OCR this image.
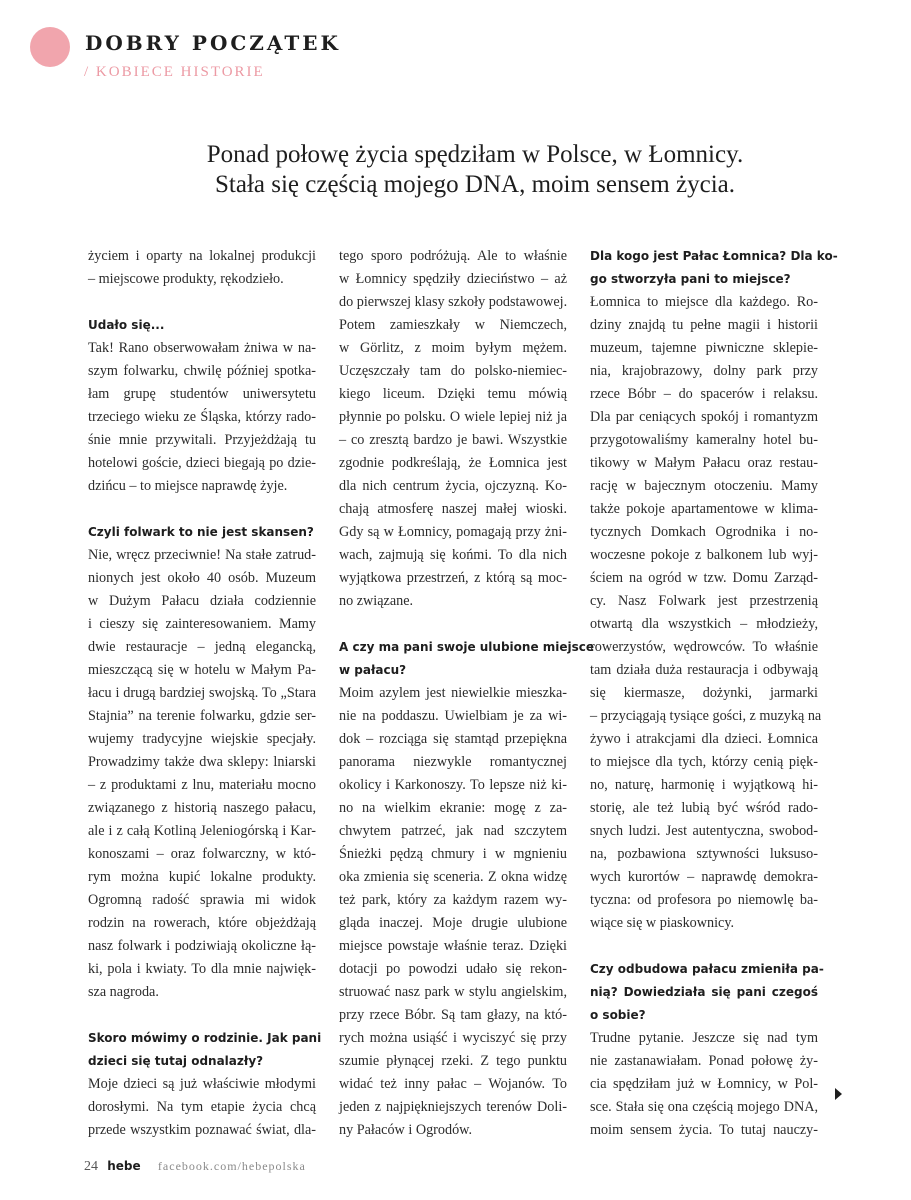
DOBRY POCZĄTEK
/ KOBIECE HISTORIE
Ponad połowę życia spędziłam w Polsce, w Łomnicy.
Stała się częścią mojego DNA, moim sensem życia.
życiem i oparty na lokalnej produkcji
– miejscowe produkty, rękodzieło.
Udało się...
Tak! Rano obserwowałam żniwa w na-
szym folwarku, chwilę później spotka-
łam grupę studentów uniwersytetu
trzeciego wieku ze Śląska, którzy rado-
śnie mnie przywitali. Przyjeżdżają tu
hotelowi goście, dzieci biegają po dzie-
dzińcu – to miejsce naprawdę żyje.
Czyli folwark to nie jest skansen?
Nie, wręcz przeciwnie! Na stałe zatrud-
nionych jest około 40 osób. Muzeum
w Dużym Pałacu działa codziennie
i cieszy się zainteresowaniem. Mamy
dwie restauracje – jedną elegancką,
mieszczącą się w hotelu w Małym Pa-
łacu i drugą bardziej swojską. To „Stara
Stajnia” na terenie folwarku, gdzie ser-
wujemy tradycyjne wiejskie specjały.
Prowadzimy także dwa sklepy: lniarski
– z produktami z lnu, materiału mocno
związanego z historią naszego pałacu,
ale i z całą Kotliną Jeleniogórską i Kar-
konoszami – oraz folwarczny, w któ-
rym można kupić lokalne produkty.
Ogromną radość sprawia mi widok
rodzin na rowerach, które objeżdżają
nasz folwark i podziwiają okoliczne łą-
ki, pola i kwiaty. To dla mnie najwięk-
sza nagroda.
Skoro mówimy o rodzinie. Jak pani
dzieci się tutaj odnalazły?
Moje dzieci są już właściwie młodymi
dorosłymi. Na tym etapie życia chcą
przede wszystkim poznawać świat, dla-
tego sporo podróżują. Ale to właśnie
w Łomnicy spędziły dzieciństwo – aż
do pierwszej klasy szkoły podstawowej.
Potem zamieszkały w Niemczech,
w Görlitz, z moim byłym mężem.
Uczęszczały tam do polsko-niemiec-
kiego liceum. Dzięki temu mówią
płynnie po polsku. O wiele lepiej niż ja
– co zresztą bardzo je bawi. Wszystkie
zgodnie podkreślają, że Łomnica jest
dla nich centrum życia, ojczyzną. Ko-
chają atmosferę naszej małej wioski.
Gdy są w Łomnicy, pomagają przy żni-
wach, zajmują się końmi. To dla nich
wyjątkowa przestrzeń, z którą są moc-
no związane.
A czy ma pani swoje ulubione miejsce
w pałacu?
Moim azylem jest niewielkie mieszka-
nie na poddaszu. Uwielbiam je za wi-
dok – rozciąga się stamtąd przepiękna
panorama niezwykle romantycznej
okolicy i Karkonoszy. To lepsze niż ki-
no na wielkim ekranie: mogę z za-
chwytem patrzeć, jak nad szczytem
Śnieżki pędzą chmury i w mgnieniu
oka zmienia się sceneria. Z okna widzę
też park, który za każdym razem wy-
gląda inaczej. Moje drugie ulubione
miejsce powstaje właśnie teraz. Dzięki
dotacji po powodzi udało się rekon-
struować nasz park w stylu angielskim,
przy rzece Bóbr. Są tam głazy, na któ-
rych można usiąść i wyciszyć się przy
szumie płynącej rzeki. Z tego punktu
widać też inny pałac – Wojanów. To
jeden z najpiękniejszych terenów Doli-
ny Pałaców i Ogrodów.
Dla kogo jest Pałac Łomnica? Dla ko-
go stworzyła pani to miejsce?
Łomnica to miejsce dla każdego. Ro-
dziny znajdą tu pełne magii i historii
muzeum, tajemne piwniczne sklepie-
nia, krajobrazowy, dolny park przy
rzece Bóbr – do spacerów i relaksu.
Dla par ceniących spokój i romantyzm
przygotowaliśmy kameralny hotel bu-
tikowy w Małym Pałacu oraz restau-
rację w bajecznym otoczeniu. Mamy
także pokoje apartamentowe w klima-
tycznych Domkach Ogrodnika i no-
woczesne pokoje z balkonem lub wyj-
ściem na ogród w tzw. Domu Zarząd-
cy. Nasz Folwark jest przestrzenią
otwartą dla wszystkich – młodzieży,
rowerzystów, wędrowców. To właśnie
tam działa duża restauracja i odbywają
się kiermasze, dożynki, jarmarki
– przyciągają tysiące gości, z muzyką na
żywo i atrakcjami dla dzieci. Łomnica
to miejsce dla tych, którzy cenią pięk-
no, naturę, harmonię i wyjątkową hi-
storię, ale też lubią być wśród rado-
snych ludzi. Jest autentyczna, swobod-
na, pozbawiona sztywności luksuso-
wych kurortów – naprawdę demokra-
tyczna: od profesora po niemowlę ba-
wiące się w piaskownicy.
Czy odbudowa pałacu zmieniła pa-
nią? Dowiedziała się pani czegoś
o sobie?
Trudne pytanie. Jeszcze się nad tym
nie zastanawiałam. Ponad połowę ży-
cia spędziłam już w Łomnicy, w Pol-
sce. Stała się ona częścią mojego DNA,
moim sensem życia. To tutaj nauczy-
24 hebe facebook.com/hebepolska
